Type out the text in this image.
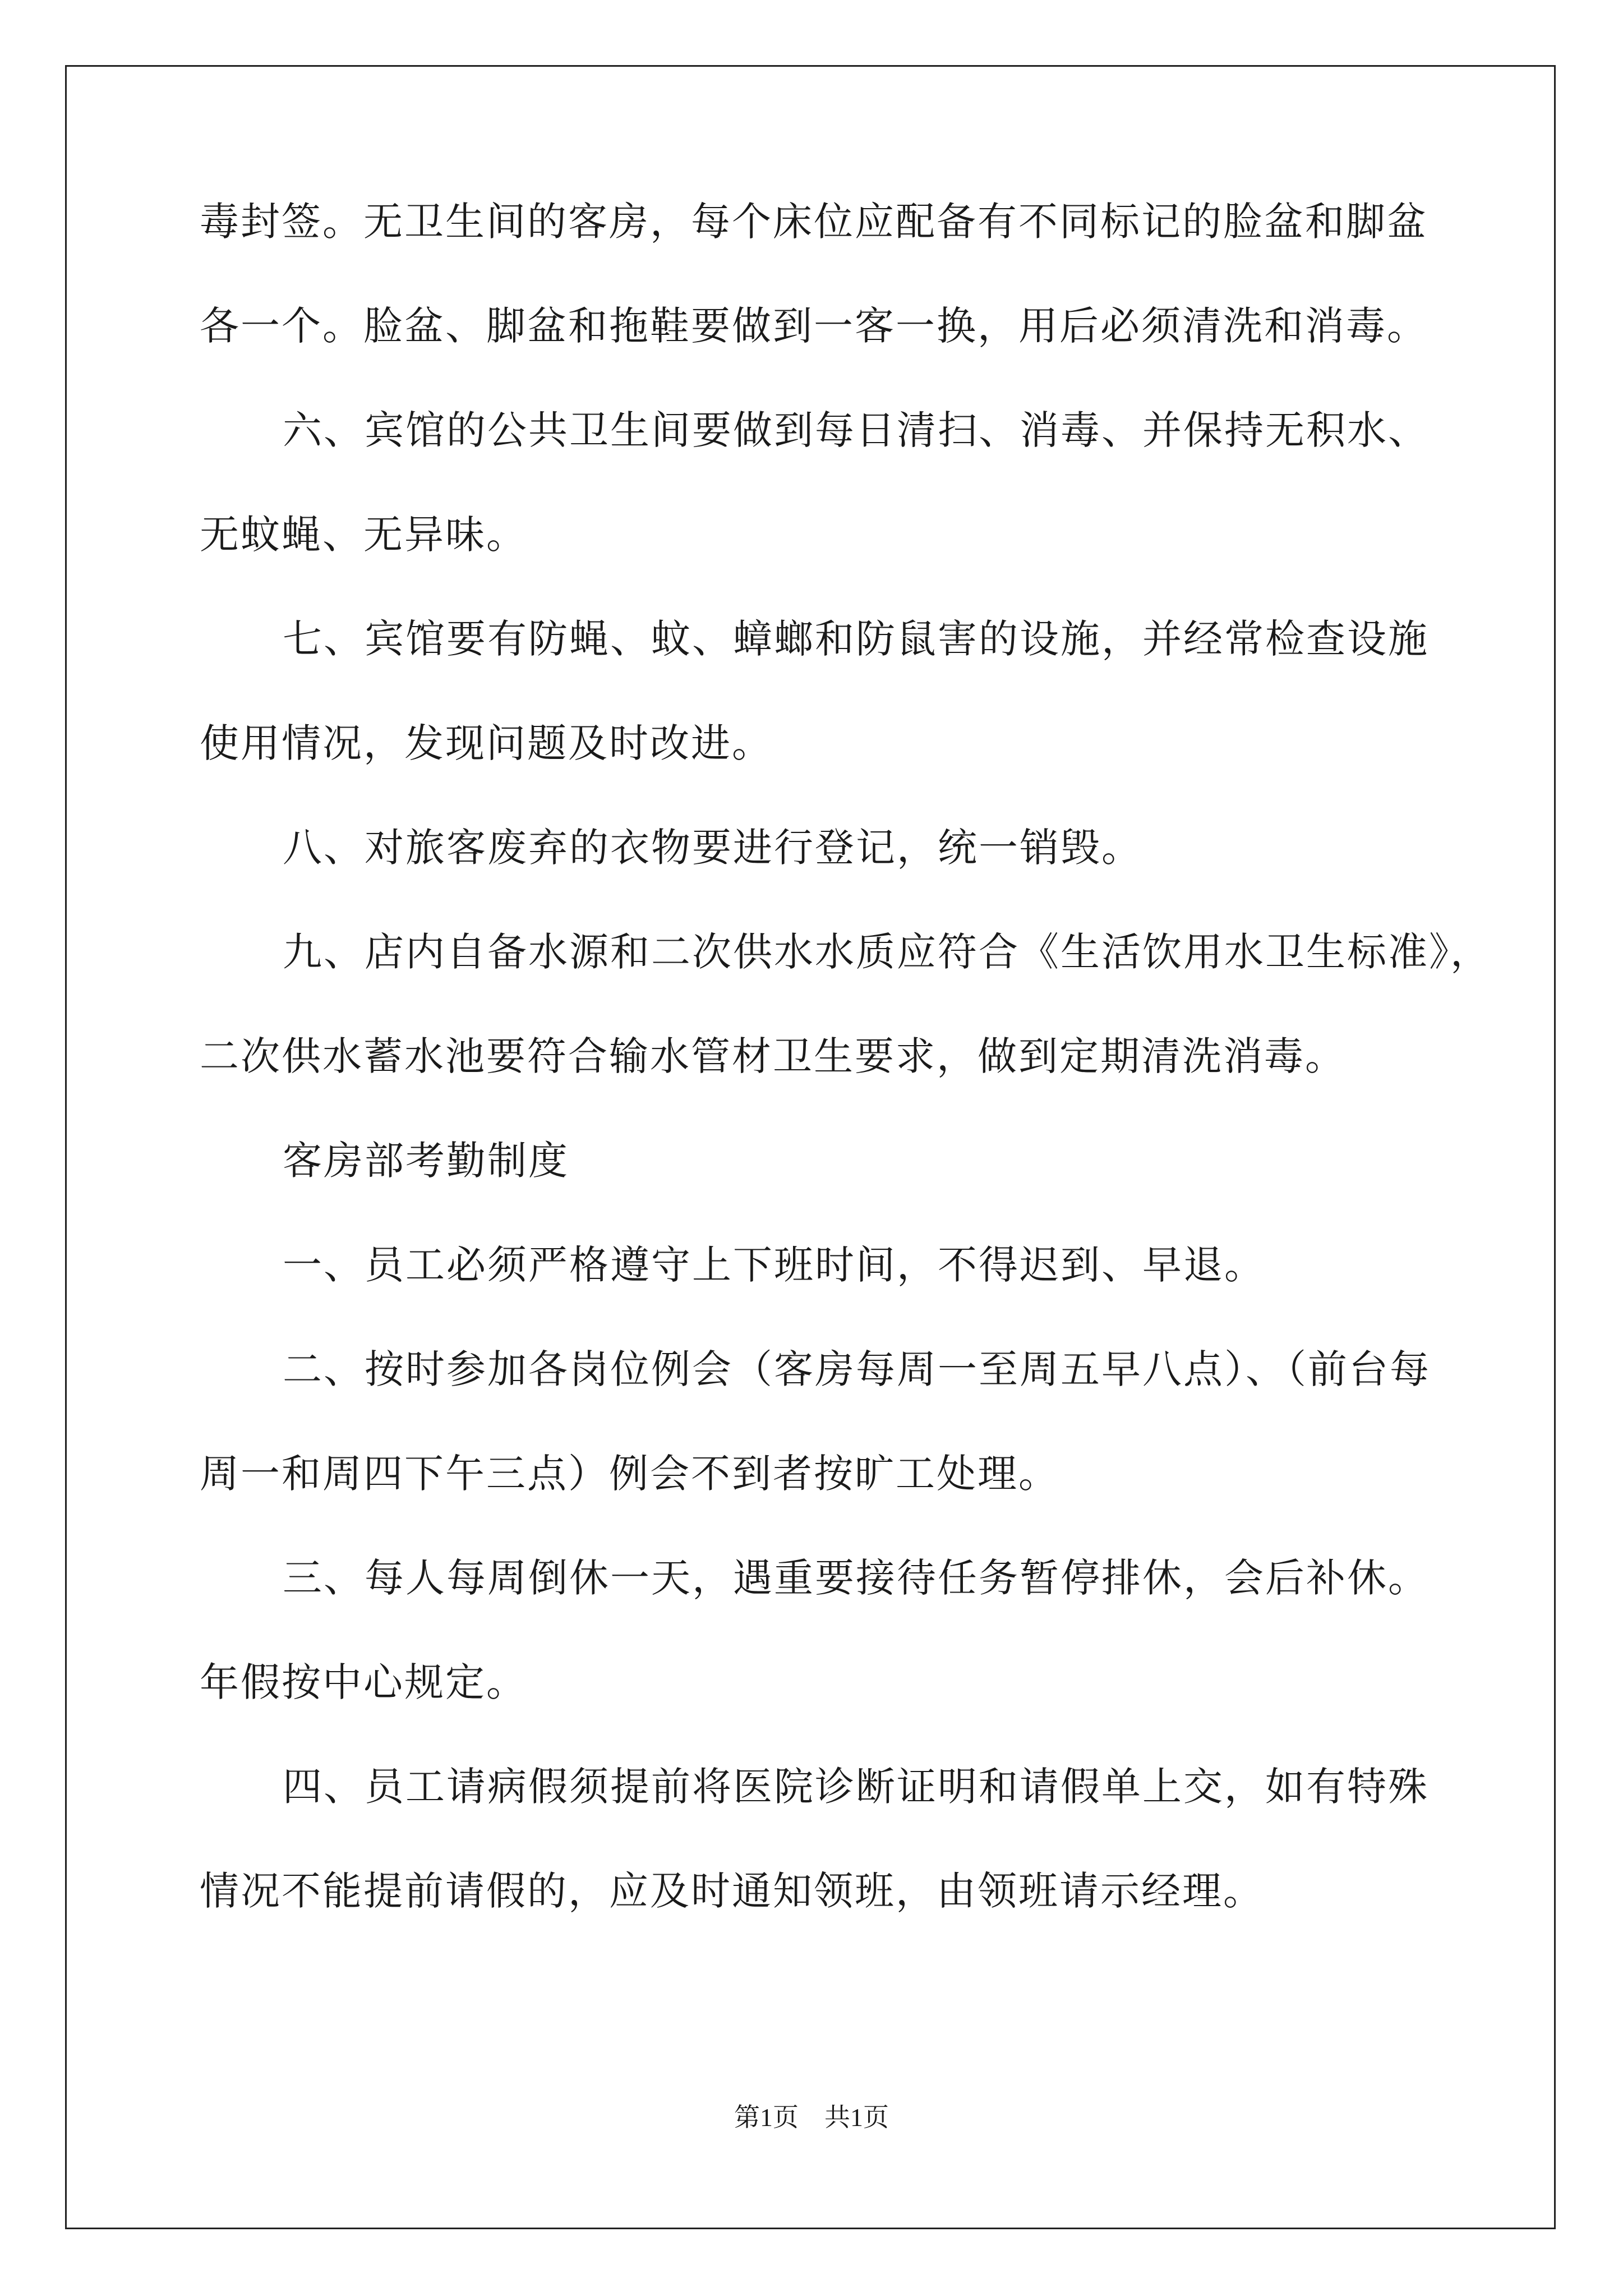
毒封签。无卫生间的客房，每个床位应配备有不同标记的脸盆和脚盆
各一个。脸盆、脚盆和拖鞋要做到一客一换，用后必须清洗和消毒。
六、宾馆的公共卫生间要做到每日清扫、消毒、并保持无积水、
无蚊蝇、无异味。
七、宾馆要有防蝇、蚊、蟑螂和防鼠害的设施，并经常检查设施
使用情况，发现问题及时改进。
八、对旅客废弃的衣物要进行登记，统一销毁。
九、店内自备水源和二次供水水质应符合《生活饮用水卫生标准》，
二次供水蓄水池要符合输水管材卫生要求，做到定期清洗消毒。
客房部考勤制度
一、员工必须严格遵守上下班时间，不得迟到、早退。
二、按时参加各岗位例会（客房每周一至周五早八点）、（前台每
周一和周四下午三点）例会不到者按旷工处理。
三、每人每周倒休一天，遇重要接待任务暂停排休，会后补休。
年假按中心规定。
四、员工请病假须提前将医院诊断证明和请假单上交，如有特殊
情况不能提前请假的，应及时通知领班，由领班请示经理。
第1页　共1页
